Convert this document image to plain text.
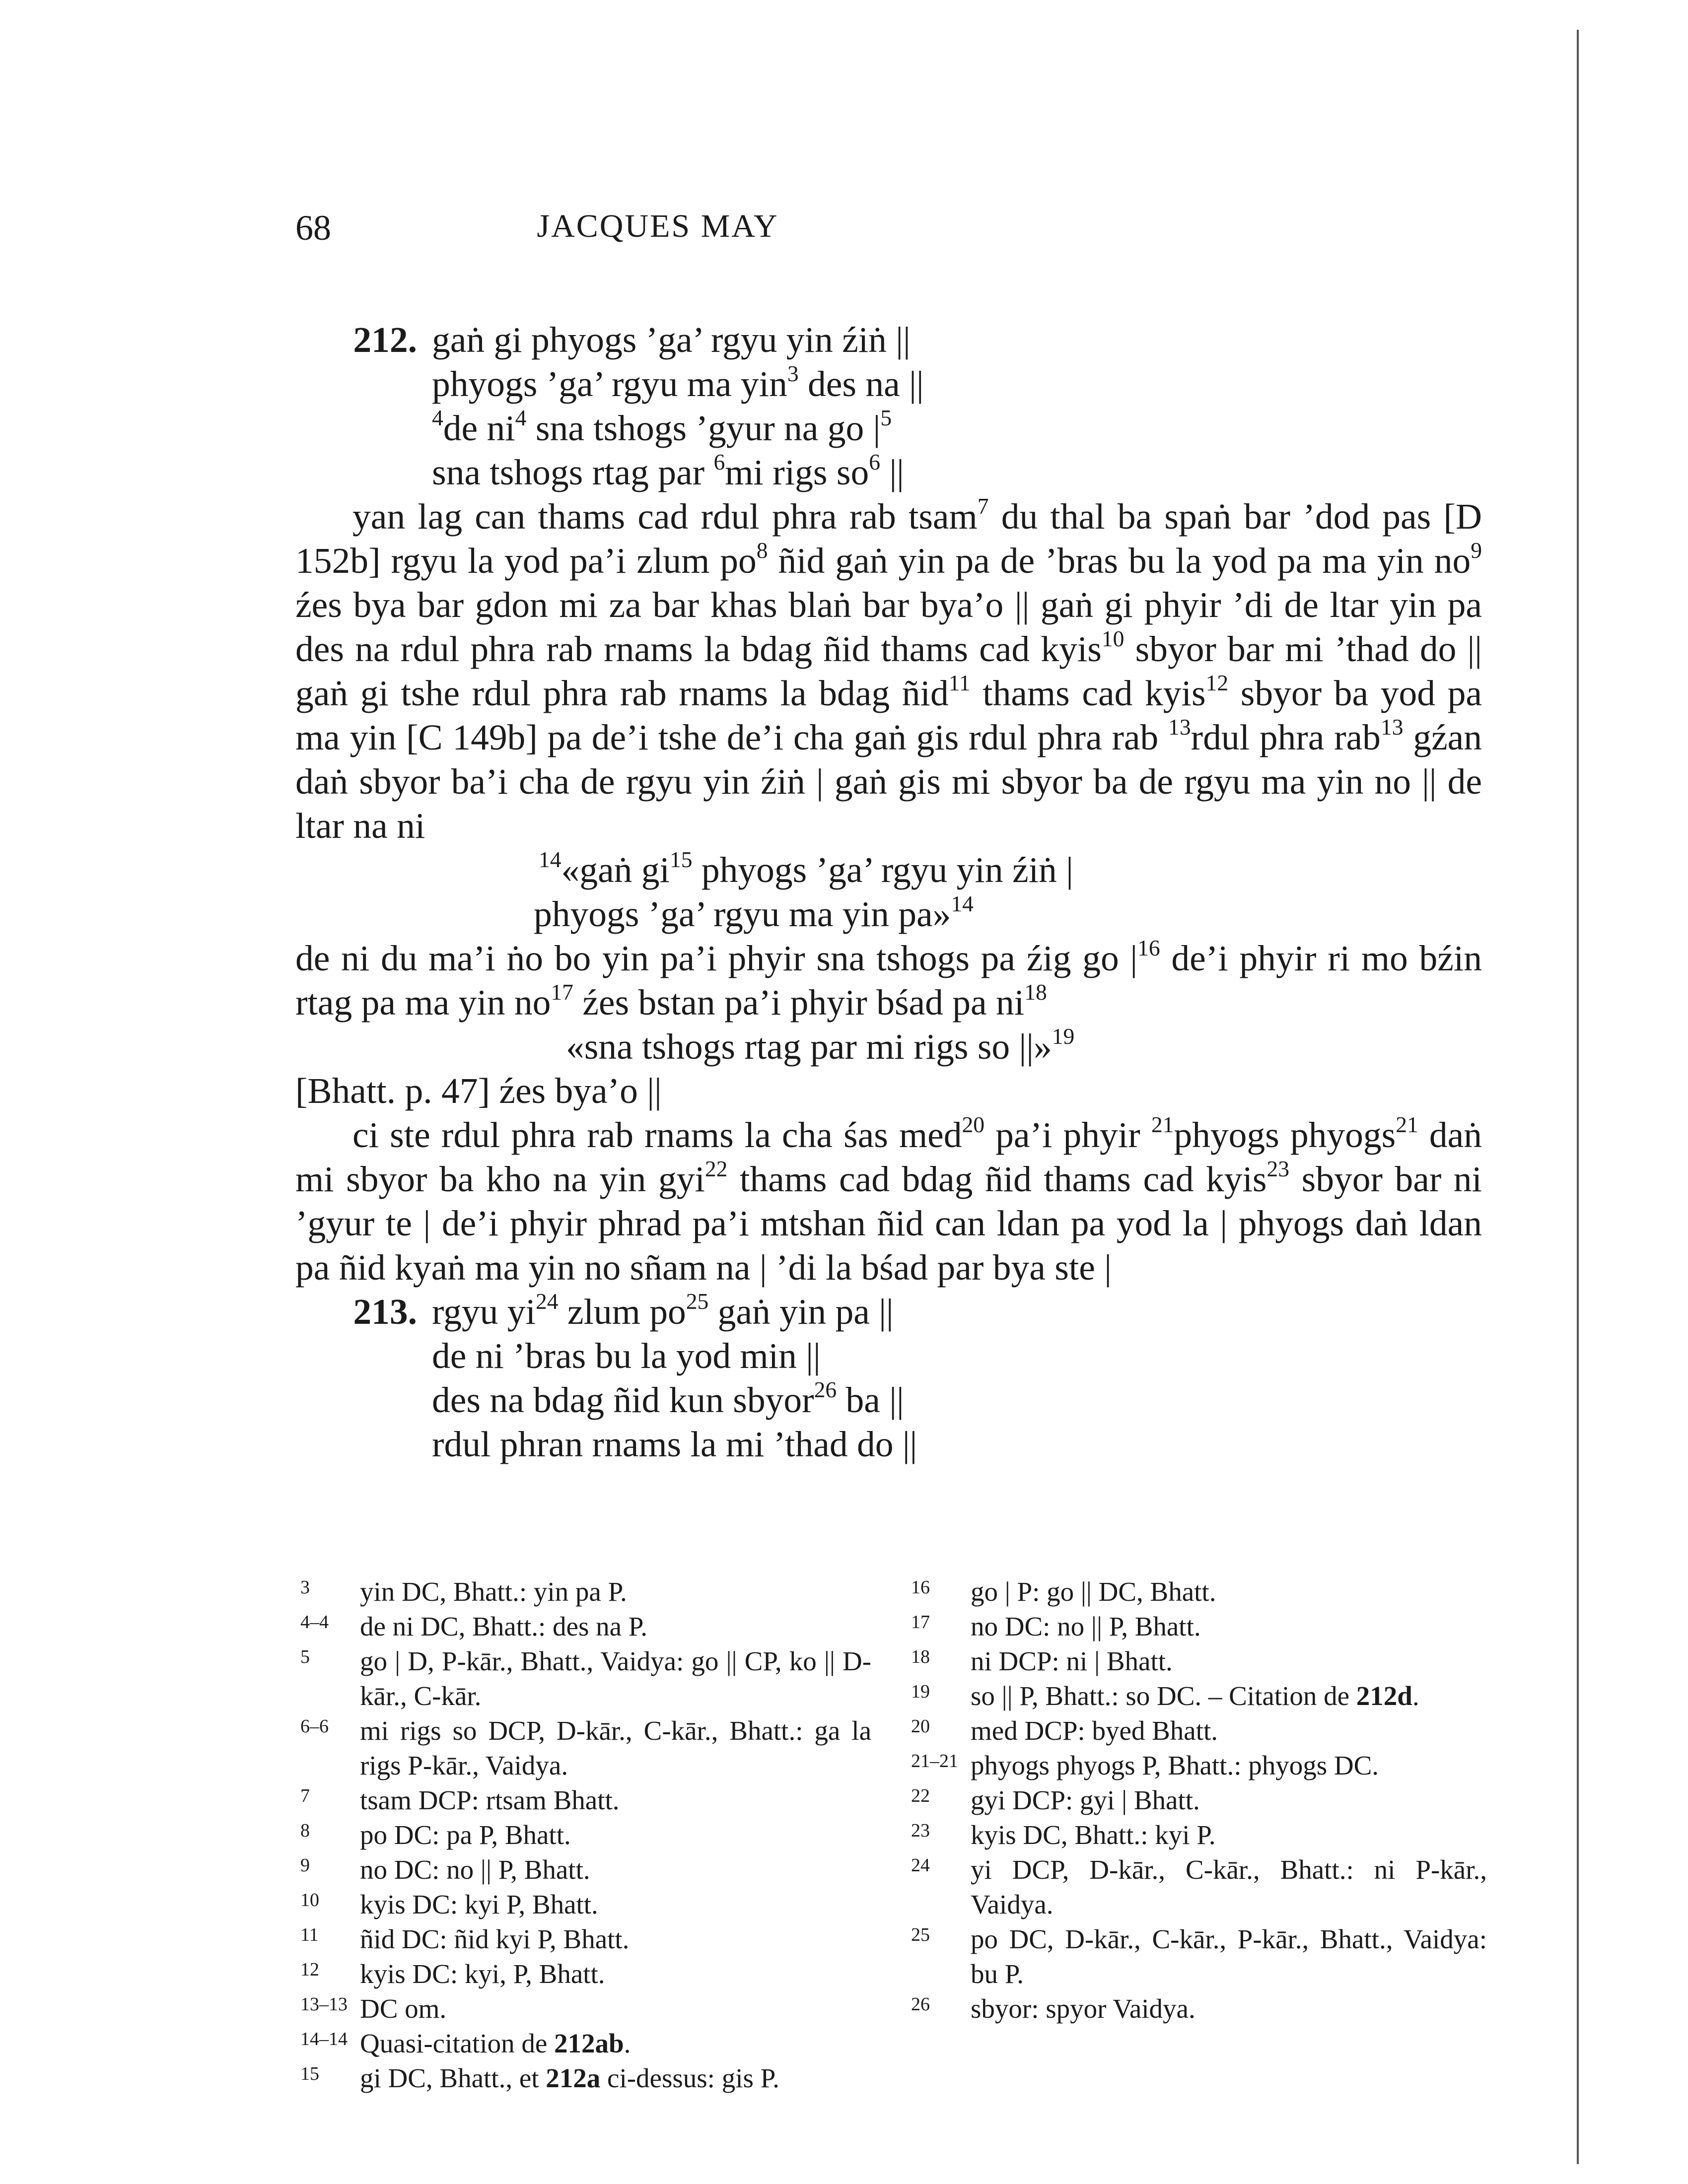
68	JACQUES MAY
212. gaṅ gi phyogs ’ga’ rgyu yin źiṅ ||
phyogs ’ga’ rgyu ma yin$^3$ des na ||
$^4$de $ni^4$ sna tshogs ’gyur na go $|^5$
sna tshogs rtag par $^6$mi rigs $so^6$ ||

yan lag can thams cad rdul phra rab tsam$^7$ du thal ba spaṅ bar ’dod pas [D 152b] rgyu la yod pa’i zlum $po^8$ ñid gaṅ yin pa de ’bras bu la yod pa ma yin $no^9$ źes bya bar gdon mi za bar khas blaṅ bar bya’o || gaṅ gi phyir ’di de ltar yin pa des na rdul phra rab rnams la bdag ñid thams cad kyis$^{10}$ sbyor bar mi ’thad do || gaṅ gi tshe rdul phra rab rnams la bdag ñid$^{11}$ thams cad kyis$^{12}$ sbyor ba yod pa ma yin [C 149b] pa de’i tshe de’i cha gaṅ gis rdul phra rab $^{13}$rdul phra rab$^{13}$ gźan daṅ sbyor ba’i cha de rgyu yin źiṅ | gaṅ gis mi sbyor ba de rgyu ma yin no || de ltar na ni

$^{14}$«gaṅ $gi^{15}$ phyogs ’ga’ rgyu yin źiṅ |
phyogs ’ga’ rgyu ma yin pa»$^{14}$

de ni du ma’i ṅo bo yin pa’i phyir sna tshogs pa źig go $|^{16}$ de’i phyir ri mo bźin rtag pa ma yin $no^{17}$ źes bstan pa’i phyir bśad pa $ni^{18}$

«sna tshogs rtag par mi rigs so ||»$^{19}$
[Bhatt. p. 47] źes bya’o ||

ci ste rdul phra rab rnams la cha śas med$^{20}$ pa’i phyir $^{21}$phyogs phyogs$^{21}$ daṅ mi sbyor ba kho na yin gyi$^{22}$ thams cad bdag ñid thams cad kyis$^{23}$ sbyor bar ni ’gyur te | de’i phyir phrad pa’i mtshan ñid can ldan pa yod la | phyogs daṅ ldan pa ñid kyaṅ ma yin no sñam na | ’di la bśad par bya ste |

213. rgyu $yi^{24}$ zlum $po^{25}$ gaṅ yin pa ||
de ni ’bras bu la yod min ||
des na bdag ñid kun sbyor$^{26}$ ba ||
rdul phran rnams la mi ’thad do ||
3	yin DC, Bhatt.: yin pa P.
4–4	de ni DC, Bhatt.: des na P.
5	go | D, P-kār., Bhatt., Vaidya: go || CP, ko || D-kār., C-kār.
6–6	mi rigs so DCP, D-kār., C-kār., Bhatt.: ga la rigs P-kār., Vaidya.
7	tsam DCP: rtsam Bhatt.
8	po DC: pa P, Bhatt.
9	no DC: no || P, Bhatt.
10	kyis DC: kyi P, Bhatt.
11	ñid DC: ñid kyi P, Bhatt.
12	kyis DC: kyi, P, Bhatt.
13–13 DC om.
14–14 Quasi-citation de 212ab.
15	gi DC, Bhatt., et 212a ci-dessus: gis P.
16	go | P: go || DC, Bhatt.
17	no DC: no || P, Bhatt.
18	ni DCP: ni | Bhatt.
19	so || P, Bhatt.: so DC. – Citation de 212d.
20	med DCP: byed Bhatt.
21–21 phyogs phyogs P, Bhatt.: phyogs DC.
22	gyi DCP: gyi | Bhatt.
23	kyis DC, Bhatt.: kyi P.
24	yi DCP, D-kār., C-kār., Bhatt.: ni P-kār., Vaidya.
25	po DC, D-kār., C-kār., P-kār., Bhatt., Vaidya: bu P.
26	sbyor: spyor Vaidya.
